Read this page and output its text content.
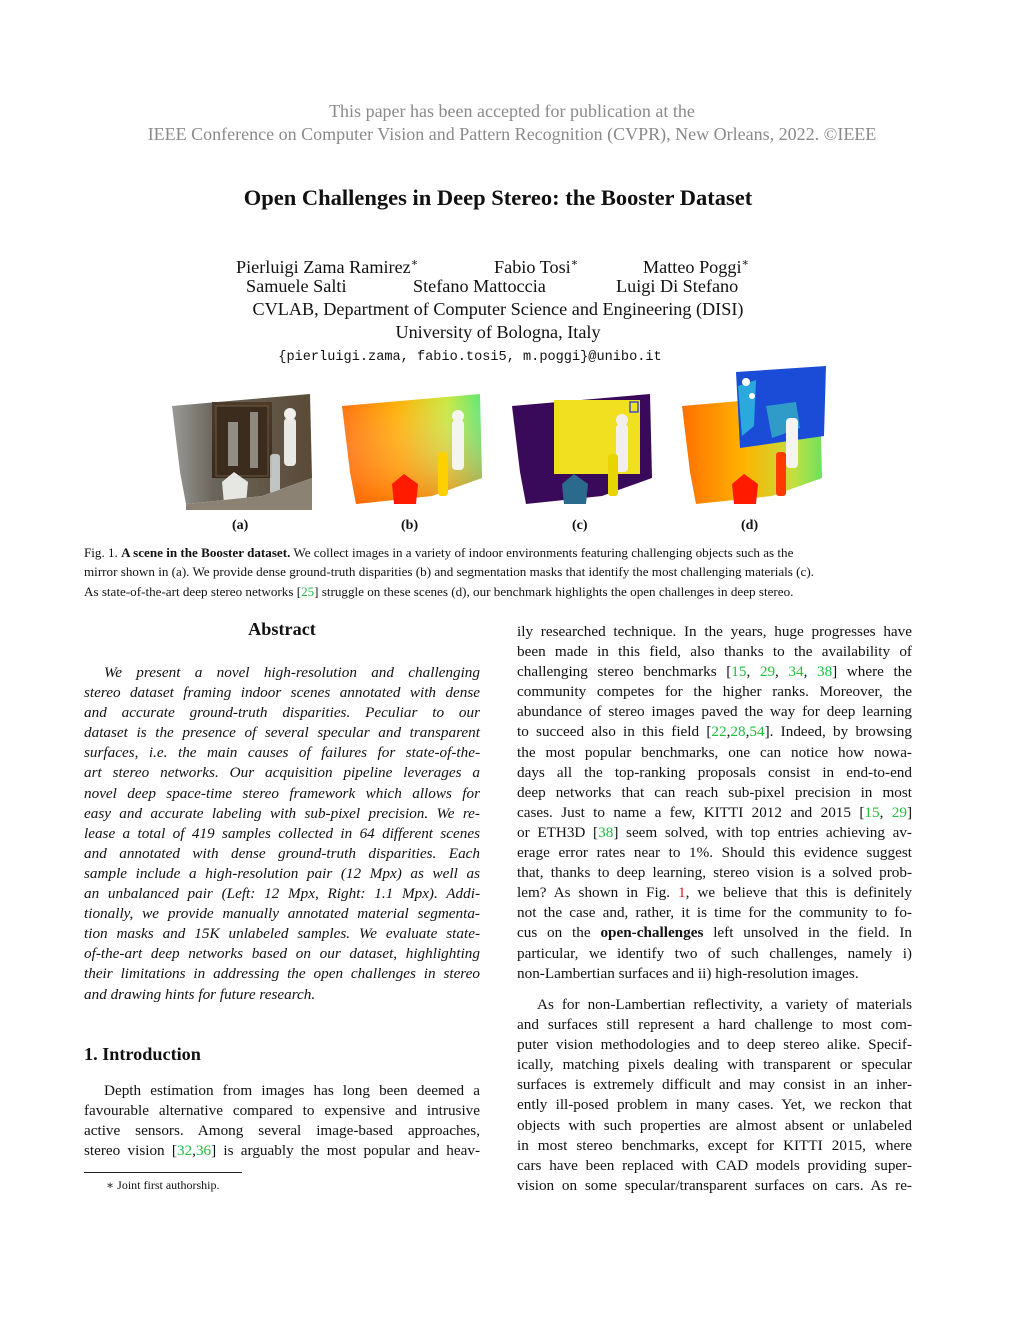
This paper has been accepted for publication at the
IEEE Conference on Computer Vision and Pattern Recognition (CVPR), New Orleans, 2022. ©IEEE
Open Challenges in Deep Stereo: the Booster Dataset
Pierluigi Zama Ramirez∗	Fabio Tosi∗	Matteo Poggi∗
Samuele Salti	Stefano Mattoccia	Luigi Di Stefano
CVLAB, Department of Computer Science and Engineering (DISI)
University of Bologna, Italy
{pierluigi.zama, fabio.tosi5, m.poggi}@unibo.it
(a)	(b)	(c)	(d)
Fig. 1. A scene in the Booster dataset. We collect images in a variety of indoor environments featuring challenging objects such as the
mirror shown in (a). We provide dense ground-truth disparities (b) and segmentation masks that identify the most challenging materials (c).
As state-of-the-art deep stereo networks [25] struggle on these scenes (d), our benchmark highlights the open challenges in deep stereo.
Abstract
We present a novel high-resolution and challenging
stereo dataset framing indoor scenes annotated with dense
and accurate ground-truth disparities. Peculiar to our
dataset is the presence of several specular and transparent
surfaces, i.e. the main causes of failures for state-of-the-
art stereo networks. Our acquisition pipeline leverages a
novel deep space-time stereo framework which allows for
easy and accurate labeling with sub-pixel precision. We re-
lease a total of 419 samples collected in 64 different scenes
and annotated with dense ground-truth disparities. Each
sample include a high-resolution pair (12 Mpx) as well as
an unbalanced pair (Left: 12 Mpx, Right: 1.1 Mpx). Addi-
tionally, we provide manually annotated material segmenta-
tion masks and 15K unlabeled samples. We evaluate state-
of-the-art deep networks based on our dataset, highlighting
their limitations in addressing the open challenges in stereo
and drawing hints for future research.
1. Introduction
Depth estimation from images has long been deemed a
favourable alternative compared to expensive and intrusive
active sensors. Among several image-based approaches,
stereo vision [32,36] is arguably the most popular and heav-
∗ Joint first authorship.
ily researched technique. In the years, huge progresses have
been made in this field, also thanks to the availability of
challenging stereo benchmarks [15, 29, 34, 38] where the
community competes for the higher ranks. Moreover, the
abundance of stereo images paved the way for deep learning
to succeed also in this field [22,28,54]. Indeed, by browsing
the most popular benchmarks, one can notice how nowa-
days all the top-ranking proposals consist in end-to-end
deep networks that can reach sub-pixel precision in most
cases. Just to name a few, KITTI 2012 and 2015 [15, 29]
or ETH3D [38] seem solved, with top entries achieving av-
erage error rates near to 1%. Should this evidence suggest
that, thanks to deep learning, stereo vision is a solved prob-
lem? As shown in Fig. 1, we believe that this is definitely
not the case and, rather, it is time for the community to fo-
cus on the open-challenges left unsolved in the field. In
particular, we identify two of such challenges, namely i)
non-Lambertian surfaces and ii) high-resolution images.
As for non-Lambertian reflectivity, a variety of materials
and surfaces still represent a hard challenge to most com-
puter vision methodologies and to deep stereo alike. Specif-
ically, matching pixels dealing with transparent or specular
surfaces is extremely difficult and may consist in an inher-
ently ill-posed problem in many cases. Yet, we reckon that
objects with such properties are almost absent or unlabeled
in most stereo benchmarks, except for KITTI 2015, where
cars have been replaced with CAD models providing super-
vision on some specular/transparent surfaces on cars. As re-
